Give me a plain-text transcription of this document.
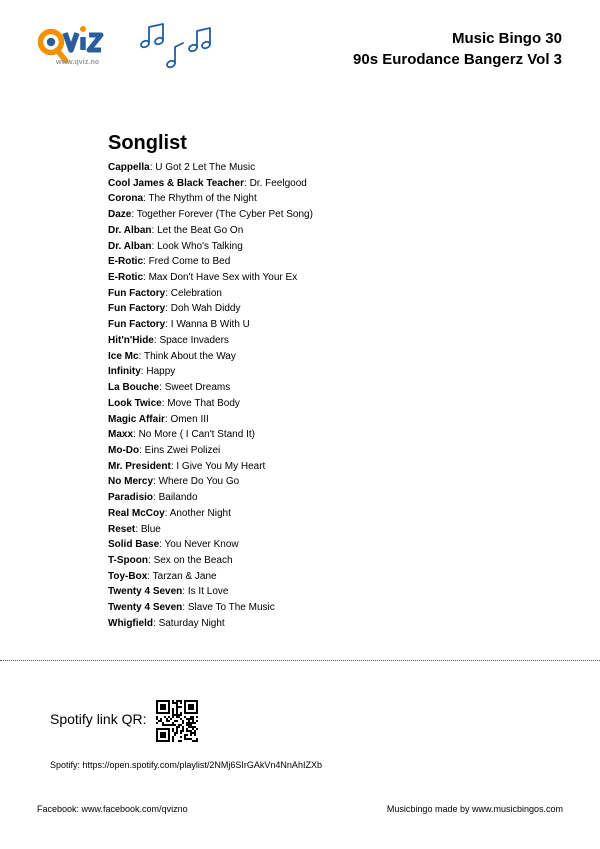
www.qviz.no
Music Bingo 30
90s Eurodance Bangerz Vol 3
Songlist
Cappella: U Got 2 Let The Music
Cool James & Black Teacher: Dr. Feelgood
Corona: The Rhythm of the Night
Daze: Together Forever (The Cyber Pet Song)
Dr. Alban: Let the Beat Go On
Dr. Alban: Look Who's Talking
E-Rotic: Fred Come to Bed
E-Rotic: Max Don't Have Sex with Your Ex
Fun Factory: Celebration
Fun Factory: Doh Wah Diddy
Fun Factory: I Wanna B With U
Hit'n'Hide: Space Invaders
Ice Mc: Think About the Way
Infinity: Happy
La Bouche: Sweet Dreams
Look Twice: Move That Body
Magic Affair: Omen III
Maxx: No More ( I Can't Stand It)
Mo-Do: Eins Zwei Polizei
Mr. President: I Give You My Heart
No Mercy: Where Do You Go
Paradisio: Bailando
Real McCoy: Another Night
Reset: Blue
Solid Base: You Never Know
T-Spoon: Sex on the Beach
Toy-Box: Tarzan & Jane
Twenty 4 Seven: Is It Love
Twenty 4 Seven: Slave To The Music
Whigfield: Saturday Night
Spotify link QR:
Spotify: https://open.spotify.com/playlist/2NMj6SIrGAkVn4NnAhIZXb
Facebook: www.facebook.com/qvizno	Musicbingo made by www.musicbingos.com
